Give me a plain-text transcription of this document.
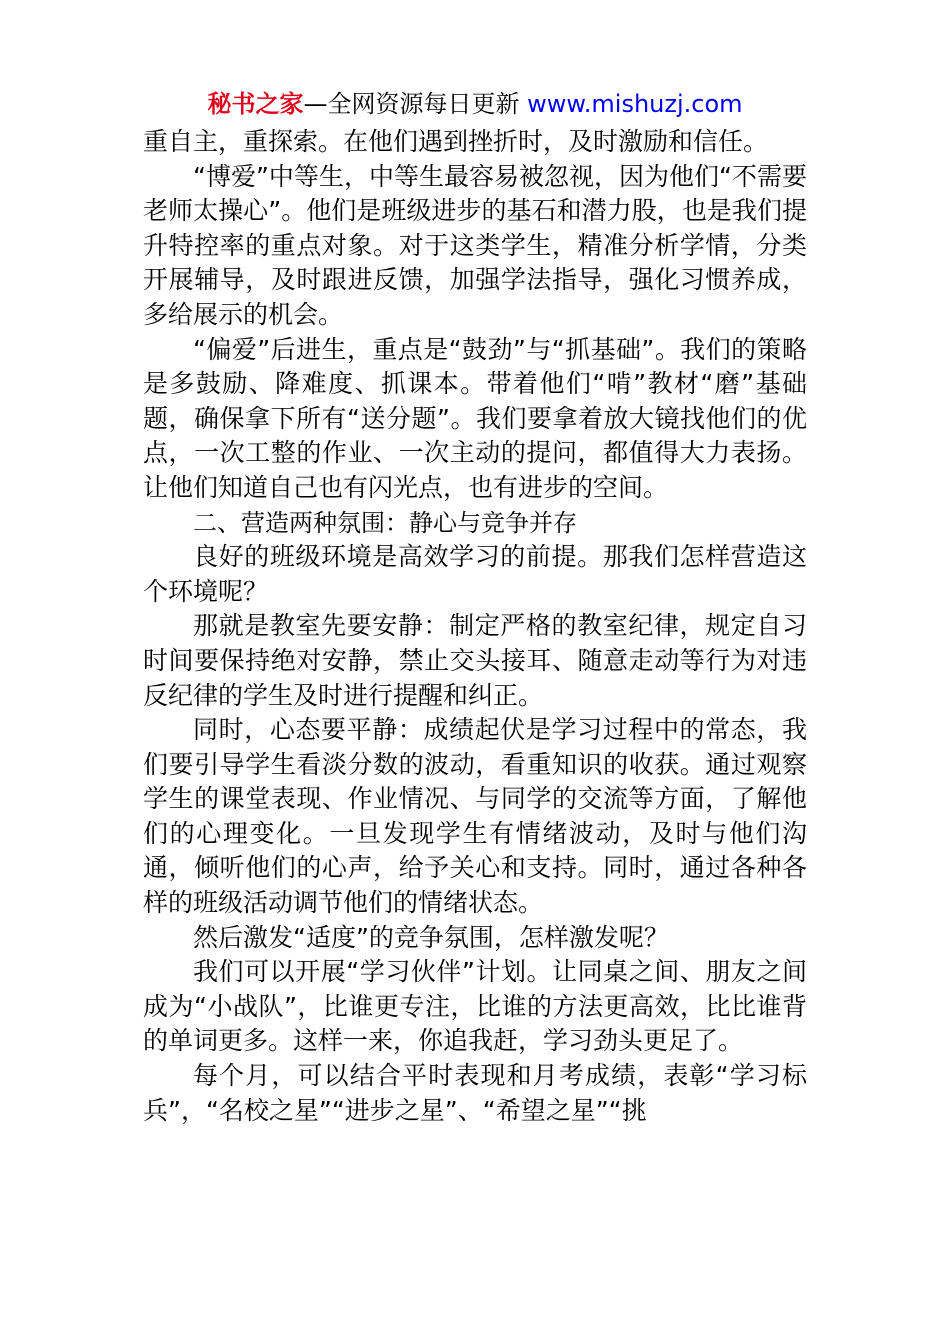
秘书之家—全网资源每日更新 www.mishuzj.com

重自主，重探索。在他们遇到挫折时，及时激励和信任。

“博爱”中等生，中等生最容易被忽视，因为他们“不需要老师太操心”。他们是班级进步的基石和潜力股，也是我们提升特控率的重点对象。对于这类学生，精准分析学情，分类开展辅导，及时跟进反馈，加强学法指导，强化习惯养成，多给展示的机会。

“偏爱”后进生，重点是“鼓劲”与“抓基础”。我们的策略是多鼓励、降难度、抓课本。带着他们“啃”教材“磨”基础题，确保拿下所有“送分题”。我们要拿着放大镜找他们的优点，一次工整的作业、一次主动的提问，都值得大力表扬。让他们知道自己也有闪光点，也有进步的空间。

二、营造两种氛围：静心与竞争并存

良好的班级环境是高效学习的前提。那我们怎样营造这个环境呢？

那就是教室先要安静：制定严格的教室纪律，规定自习时间要保持绝对安静，禁止交头接耳、随意走动等行为对违反纪律的学生及时进行提醒和纠正。

同时，心态要平静：成绩起伏是学习过程中的常态，我们要引导学生看淡分数的波动，看重知识的收获。通过观察学生的课堂表现、作业情况、与同学的交流等方面，了解他们的心理变化。一旦发现学生有情绪波动，及时与他们沟通，倾听他们的心声，给予关心和支持。同时，通过各种各样的班级活动调节他们的情绪状态。

然后激发“适度”的竞争氛围，怎样激发呢？

我们可以开展“学习伙伴”计划。让同桌之间、朋友之间成为“小战队”，比谁更专注，比谁的方法更高效，比比谁背的单词更多。这样一来，你追我赶，学习劲头更足了。

每个月，可以结合平时表现和月考成绩，表彰“学习标兵”，“名校之星”“进步之星”、“希望之星”“挑
